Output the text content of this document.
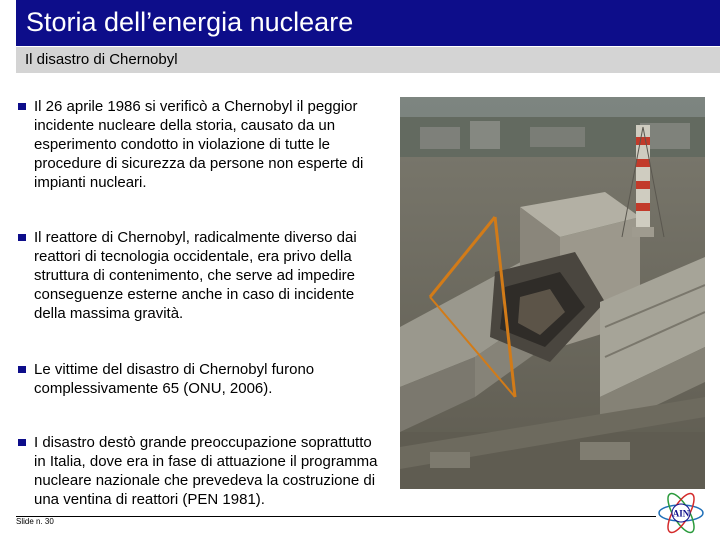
Storia dell’energia nucleare
Il disastro di Chernobyl
Il 26 aprile 1986 si verificò a Chernobyl il peggior incidente nucleare della storia, causato da un esperimento condotto in violazione di tutte le procedure di sicurezza da persone non esperte di impianti nucleari.
Il reattore di Chernobyl, radicalmente diverso dai reattori di tecnologia occidentale, era privo della struttura di contenimento, che serve ad impedire conseguenze esterne anche in caso di incidente della massima gravità.
Le vittime del disastro di Chernobyl furono complessivamente 65 (ONU, 2006).
I disastro destò grande preoccupazione soprattutto in Italia, dove era in fase di attuazione il programma nucleare nazionale che prevedeva la costruzione di una ventina di reattori (PEN 1981).
Slide n. 30
AIN
